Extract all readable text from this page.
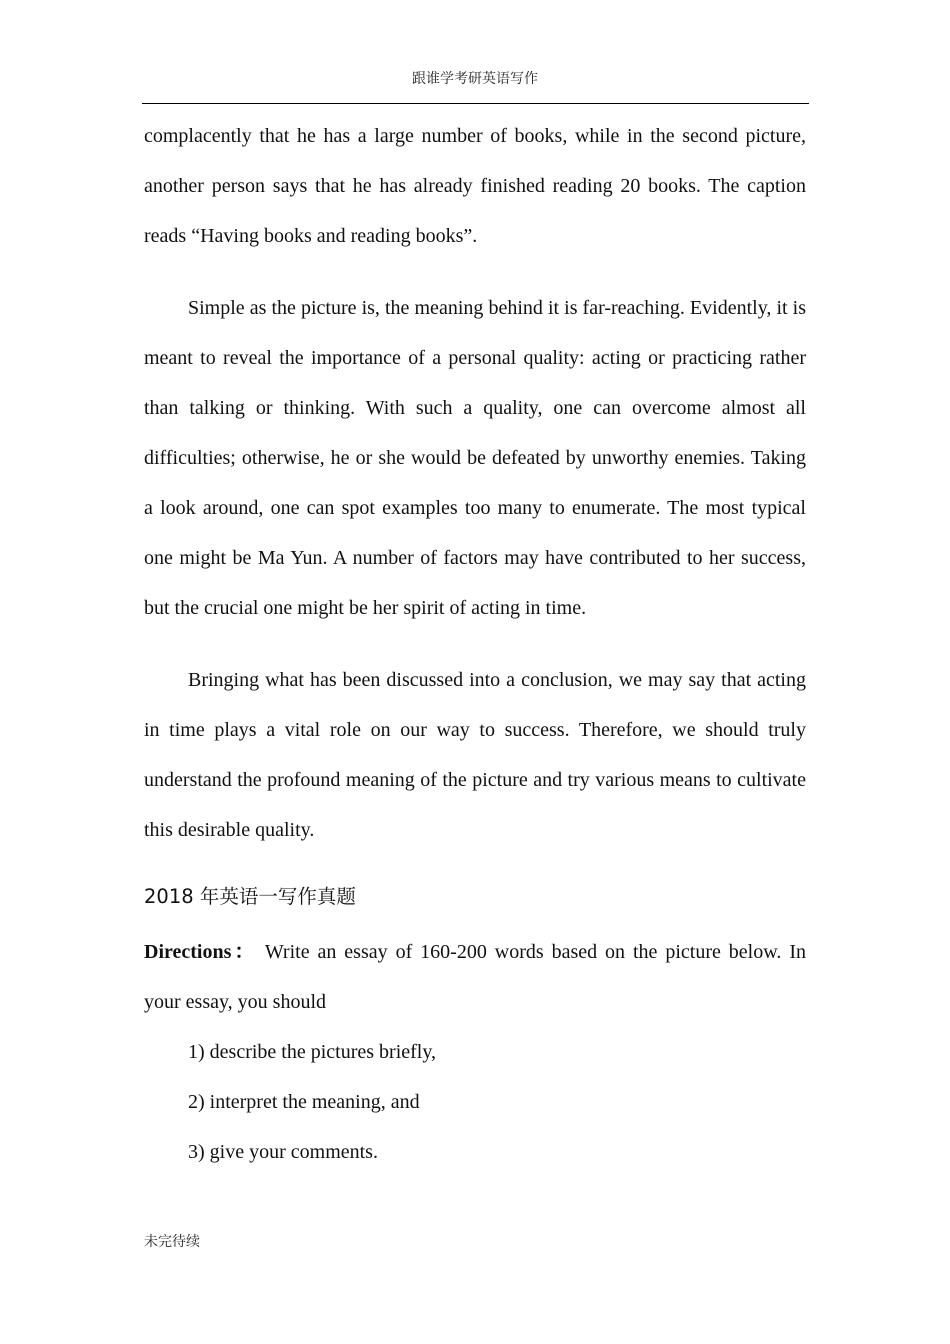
跟谁学考研英语写作

complacently that he has a large number of books, while in the second picture, another person says that he has already finished reading 20 books. The caption reads “Having books and reading books”.

Simple as the picture is, the meaning behind it is far-reaching. Evidently, it is meant to reveal the importance of a personal quality: acting or practicing rather than talking or thinking. With such a quality, one can overcome almost all difficulties; otherwise, he or she would be defeated by unworthy enemies. Taking a look around, one can spot examples too many to enumerate. The most typical one might be Ma Yun. A number of factors may have contributed to her success, but the crucial one might be her spirit of acting in time.

Bringing what has been discussed into a conclusion, we may say that acting in time plays a vital role on our way to success. Therefore, we should truly understand the profound meaning of the picture and try various means to cultivate this desirable quality.

2018 年英语一写作真题

Directions： Write an essay of 160-200 words based on the picture below. In your essay, you should

1) describe the pictures briefly,

2) interpret the meaning, and

3) give your comments.

未完待续
